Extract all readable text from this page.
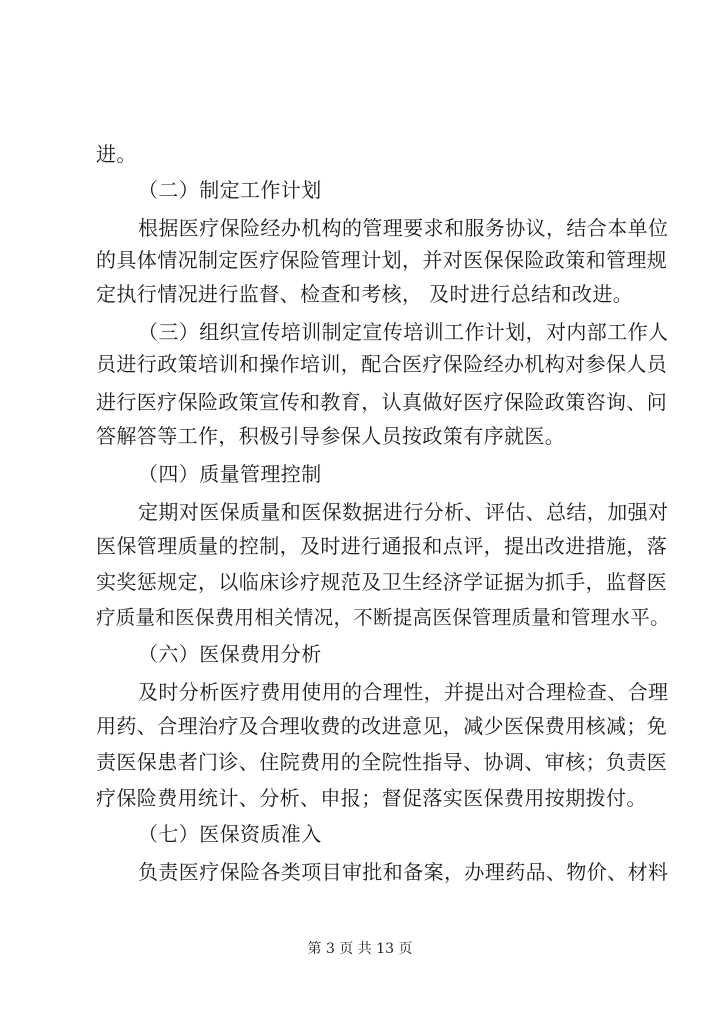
进。
（二）制定工作计划
根据医疗保险经办机构的管理要求和服务协议，结合本单位
的具体情况制定医疗保险管理计划，并对医保保险政策和管理规
定执行情况进行监督、检查和考核， 及时进行总结和改进。
（三）组织宣传培训制定宣传培训工作计划，对内部工作人
员进行政策培训和操作培训，配合医疗保险经办机构对参保人员
进行医疗保险政策宣传和教育，认真做好医疗保险政策咨询、问
答解答等工作，积极引导参保人员按政策有序就医。
（四）质量管理控制
定期对医保质量和医保数据进行分析、评估、总结，加强对
医保管理质量的控制，及时进行通报和点评，提出改进措施，落
实奖惩规定，以临床诊疗规范及卫生经济学证据为抓手，监督医
疗质量和医保费用相关情况，不断提高医保管理质量和管理水平。
（六）医保费用分析
及时分析医疗费用使用的合理性，并提出对合理检查、合理
用药、合理治疗及合理收费的改进意见，减少医保费用核减；免
责医保患者门诊、住院费用的全院性指导、协调、审核；负责医
疗保险费用统计、分析、申报；督促落实医保费用按期拨付。
（七）医保资质准入
负责医疗保险各类项目审批和备案，办理药品、物价、材料
第 3 页 共 13 页
